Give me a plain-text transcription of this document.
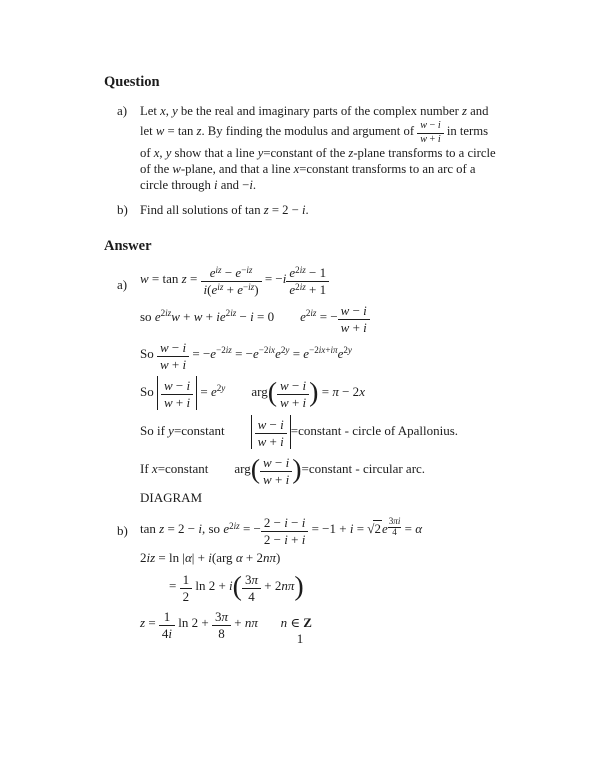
Question
a)	Let x, y be the real and imaginary parts of the complex number z and
let w = tan z. By finding the modulus and argument of $\frac{w - i}{w + i}$ in terms
of x, y show that a line y=constant of the z-plane transforms to a circle
of the w-plane, and that a line x=constant transforms to an arc of a
circle through i and −i.
b) Find all solutions of tan z = 2 − i.
Answer
a) $w = \tan z = \frac{\text{eiz − e−iz}}{\text{i(eiz + e−iz)}} = -i \frac{e2iz - 1}{e2iz + 1}$
so e2izw + w + ie2iz − i = 0        e2iz = − $\frac{w - i}{w + i}$
So $\frac{w - i}{w + i} = -e-2iz = -e-2ixe2y = e-2ix+i\pi e2y$
So $\frac{w - i}{w + i} = e2y$ $arg( \frac{w - i}{w + i}$ ) = π − 2x
So if y=constant $\frac{w - i}{w + i}$ =constant - circle of Apallonius.
If x=constant        $arg( \frac{w - i}{w + i}$ )=constant - circular arc.
DIAGRAM
b) tan z = 2 − i, so e2iz = − $\frac{2 - i - i}{2 - i + i} = -1 + i = √2e \frac{3\pi i}{4} = \alpha$
2iz = ln |α| + i(arg α + 2nπ)
= $\frac{1}{2}$ $\ln 2 + i( \frac{3\pi}{4} + 2n\pi)$
$z = \frac{1}{4i}$ $\ln 2 + \frac{3\pi}{8} + n\pi$ n ∈ Z
1
